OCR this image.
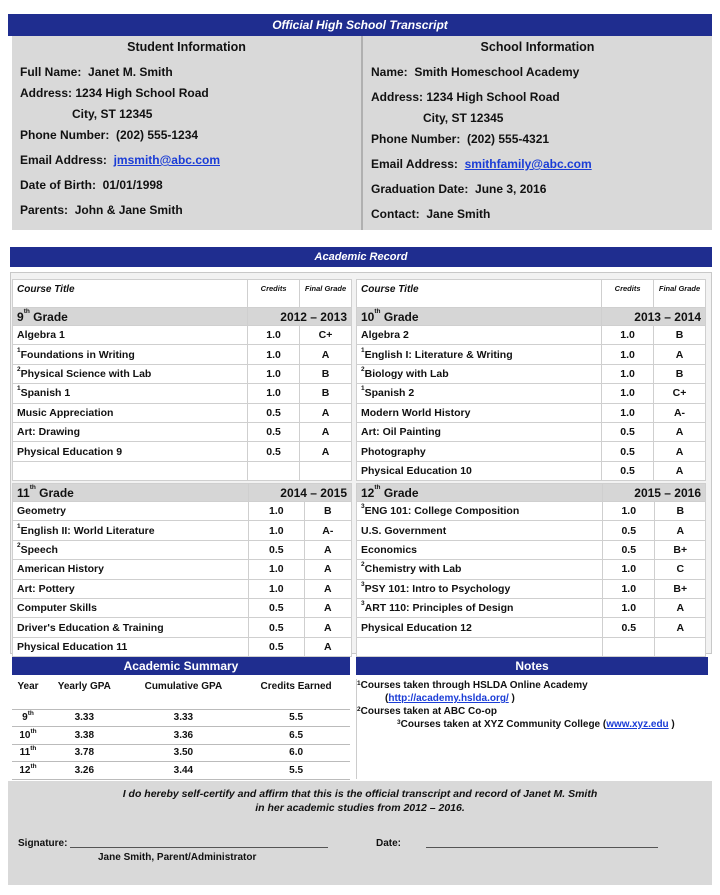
Official High School Transcript
Student Information
Full Name: Janet M. Smith
Address: 1234 High School Road
City, ST 12345
Phone Number: (202) 555-1234
Email Address: jmsmith@abc.com
Date of Birth: 01/01/1998
Parents: John & Jane Smith
School Information
Name: Smith Homeschool Academy
Address: 1234 High School Road
City, ST 12345
Phone Number: (202) 555-4321
Email Address: smithfamily@abc.com
Graduation Date: June 3, 2016
Contact: Jane Smith
Academic Record
Course Title	Credits	Final Grade
9th Grade	2012 – 2013	
Algebra 1	1.0	C+
$^1$Foundations in Writing	1.0	A
$^2$Physical Science with Lab	1.0	B
$^1$Spanish 1	1.0	B
Music Appreciation	0.5	A
Art: Drawing	0.5	A
Physical Education 9	0.5	A

Course Title	Credits	Final Grade
10th Grade	2013 – 2014	
Algebra 2	1.0	B
$^1$English I: Literature & Writing	1.0	A
$^2$Biology with Lab	1.0	B
$^1$Spanish 2	1.0	C+
Modern World History	1.0	A-
Art: Oil Painting	0.5	A
Photography	0.5	A
Physical Education 10	0.5	A
11th Grade	2014 – 2015	
Geometry	1.0	B
$^1$English II: World Literature	1.0	A-
$^2$Speech	0.5	A
American History	1.0	A
Art: Pottery	1.0	A
Computer Skills	0.5	A
Driver's Education & Training	0.5	A
Physical Education 11	0.5	A
12th Grade	2015 – 2016	
$^3$ENG 101: College Composition	1.0	B
U.S. Government	0.5	A
Economics	0.5	B+
$^2$Chemistry with Lab	1.0	C
$^3$PSY 101: Intro to Psychology	1.0	B+
$^3$ART 110: Principles of Design	1.0	A
Physical Education 12	0.5	A

Academic Summary	Notes
Year	Yearly GPA	Cumulative GPA	Credits Earned
9th	3.33	3.33	5.5
10th	3.38	3.36	6.5
11th	3.78	3.50	6.0
12th	3.26	3.44	5.5
$^1$Courses taken through HSLDA Online Academy
(http://academy.hslda.org/ )
$^2$Courses taken at ABC Co-op
$^3$Courses taken at XYZ Community College (www.xyz.edu )
I do hereby self-certify and affirm that this is the official transcript and record of Janet M. Smith
in her academic studies from 2012 – 2016.
Signature:
Jane Smith, Parent/Administrator
Date:
